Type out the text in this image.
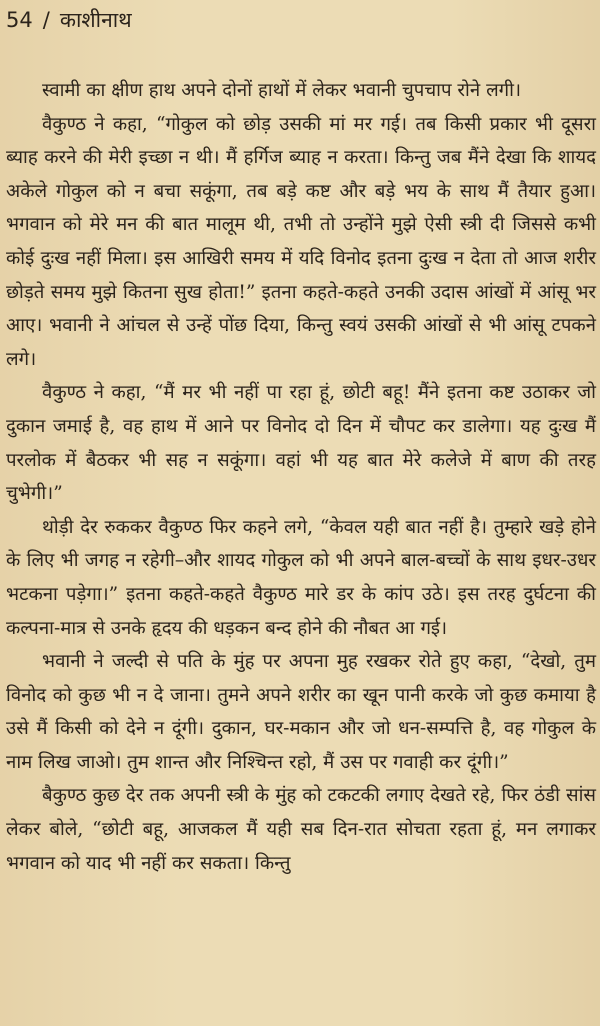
54 / काशीनाथ

स्वामी का क्षीण हाथ अपने दोनों हाथों में लेकर भवानी चुपचाप रोने लगी।

वैकुण्ठ ने कहा, “गोकुल को छोड़ उसकी मां मर गई। तब किसी प्रकार भी दूसरा ब्याह करने की मेरी इच्छा न थी। मैं हर्गिज ब्याह न करता। किन्तु जब मैंने देखा कि शायद अकेले गोकुल को न बचा सकूंगा, तब बड़े कष्ट और बड़े भय के साथ मैं तैयार हुआ। भगवान को मेरे मन की बात मालूम थी, तभी तो उन्होंने मुझे ऐसी स्त्री दी जिससे कभी कोई दुःख नहीं मिला। इस आखिरी समय में यदि विनोद इतना दुःख न देता तो आज शरीर छोड़ते समय मुझे कितना सुख होता!” इतना कहते-कहते उनकी उदास आंखों में आंसू भर आए। भवानी ने आंचल से उन्हें पोंछ दिया, किन्तु स्वयं उसकी आंखों से भी आंसू टपकने लगे।

वैकुण्ठ ने कहा, “मैं मर भी नहीं पा रहा हूं, छोटी बहू! मैंने इतना कष्ट उठाकर जो दुकान जमाई है, वह हाथ में आने पर विनोद दो दिन में चौपट कर डालेगा। यह दुःख मैं परलोक में बैठकर भी सह न सकूंगा। वहां भी यह बात मेरे कलेजे में बाण की तरह चुभेगी।”

थोड़ी देर रुककर वैकुण्ठ फिर कहने लगे, “केवल यही बात नहीं है। तुम्हारे खड़े होने के लिए भी जगह न रहेगी–और शायद गोकुल को भी अपने बाल-बच्चों के साथ इधर-उधर भटकना पड़ेगा।” इतना कहते-कहते वैकुण्ठ मारे डर के कांप उठे। इस तरह दुर्घटना की कल्पना-मात्र से उनके हृदय की धड़कन बन्द होने की नौबत आ गई।

भवानी ने जल्दी से पति के मुंह पर अपना मुह रखकर रोते हुए कहा, “देखो, तुम विनोद को कुछ भी न दे जाना। तुमने अपने शरीर का खून पानी करके जो कुछ कमाया है उसे मैं किसी को देने न दूंगी। दुकान, घर-मकान और जो धन-सम्पत्ति है, वह गोकुल के नाम लिख जाओ। तुम शान्त और निश्चिन्त रहो, मैं उस पर गवाही कर दूंगी।”

बैकुण्ठ कुछ देर तक अपनी स्त्री के मुंह को टकटकी लगाए देखते रहे, फिर ठंडी सांस लेकर बोले, “छोटी बहू, आजकल मैं यही सब दिन-रात सोचता रहता हूं, मन लगाकर भगवान को याद भी नहीं कर सकता। किन्तु
